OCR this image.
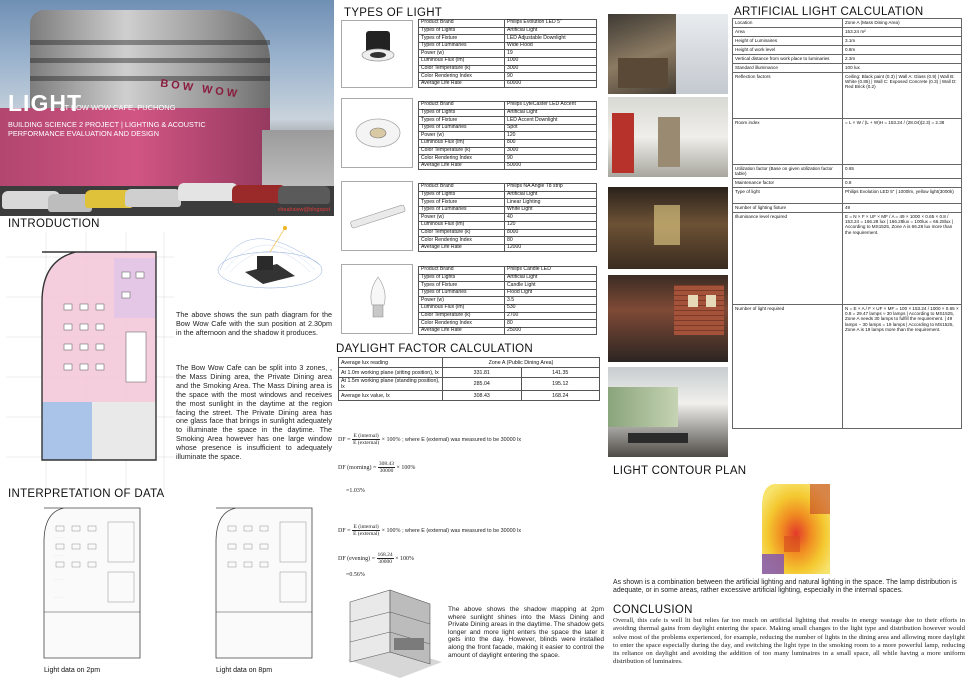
BOW WOW
LIGHT
AT BOW WOW CAFE, PUCHONG
BUILDING SCIENCE 2 PROJECT | LIGHTING & ACOUSTIC
PERFORMANCE EVALUATION AND DESIGN
cheahsiew@blogspot
INTRODUCTION
The above shows the sun path diagram for the Bow Wow Cafe with the sun position at 2.30pm in the afternoon and the shadow it produces.
The Bow Wow Cafe can be split into 3 zones, , the Mass Dining area, the Private Dining area and the Smoking Area. The Mass Dining area is the space with the most windows and receives the most sunlight in the daytime at the region facing the street. The Private Dining area has one glass face that brings in sunlight adequately to illuminate the space in the daytime. The Smoking Area however has one large window whose presence is insufficient to adequately illuminate the space.
INTERPRETATION OF DATA
··· ··· ···
··· ··· ···
··· ··· ···
··· ··· ···
Light data on 2pm	Light data on 8pm
TYPES OF LIGHT
Product Brand	Philips Evolution LED 5"
Types of Lights	Artificial Light
Types of Fixture	LED Adjustable Downlight
Types of Luminaries	Wide Flood
Power (w)	19
Luminous Flux (lm)	1000
Color Temperature (k)	3000
Color Rendering Index	90
Average Life Rate	60000
Product Brand	Philips LyteCaster LED Accent
Types of Lights	Artificial Light
Types of Fixture	LED Accent Downlight
Types of Luminaries	Spot
Power (w)	120
Luminous Flux (lm)	800
Color Temperature (k)	3000
Color Rendering Index	90
Average Life Rate	50000
Product Brand	Philips NA Angle T8 strip
Types of Lights	Artificial Light
Types of Fixture	Linear Lighting
Types of Luminaries	White Light
Power (w)	40
Luminous Flux (lm)	120
Color Temperature (k)	8000
Color Rendering Index	80
Average Life Rate	12000
Product Brand	Philips Candle LED
Types of Lights	Artificial Light
Types of Fixture	Candle Light
Types of Luminaries	Flood Light
Power (w)	3.5
Luminous Flux (lm)	530
Color Temperature (k)	2700
Color Rendering Index	80
Average Life Rate	25000
DAYLIGHT FACTOR CALCULATION
Average lux reading	Zone A (Public Dining Area)	
At 1.0m working plane (sitting position), lx	331.81	141.35
At 1.5m working plane (standing position), lx	285.04	195.12
Average lux value, lx	308.43	168.24
DF = $\frac{\text{E (internal)}}{\text{E (external)}} \times 100\%$ ; where E (external) was measured to be 30000 lx
DF (morning) = $\frac{308.43}{30000} \times 100\%$
=1.03%
DF = $\frac{\text{E (internal)}}{\text{E (external)}} \times 100\%$ ; where E (external) was measured to be 30000 lx
DF (evening) = $\frac{168.24}{30000} \times 100\%$
=0.56%
The above shows the shadow mapping at 2pm where sunlight shines into the Mass Dining and Private Dining areas in the daytime. The shadow gets longer and more light enters the space the later it gets into the day. However, blinds were installed along the front facade, making it easier to control the amount of daylight entering the space.
ARTIFICIAL LIGHT CALCULATION
Location	Zone A (Mass Dining Area)
Area	153.24 m²
Height of Luminaires	3.1m
Height of work level	0.8m
Vertical distance from work place to luminaries	2.3m
Standard illuminance	100 lux
Reflection factors	Ceiling: Black paint (0.3) | Wall A: Glass (0.9) | Wall B: White (0.85) | Wall C: Exposed Concrete (0.3) | Wall D: Red Brick (0.2)
Room index	= L × W / (L + W)H = 153.24 / (28.04)(2.3) = 2.38
Utilization factor (Base on given utilization factor table)	0.65
Maintenance factor	0.8
Type of light	Philips Evolution LED 5" | 1000lm, yellow light(3000k)
Number of lighting fixture	49
Illuminance level required	E = N × F × UF × MF / A = 49 × 1000 × 0.65 × 0.8 / 153.24 = 166.28 lux | 166.28lux = 100lux = 66.28lux | According to MS1525, Zone A is 66.28 lux more than the requirement.
Number of light required	N = E × A / F × UF × MF = 100 × 153.24 / 1000 × 0.65 × 0.8 = 29.47 lamps ≈ 30 lamps | According to MS1525, Zone A needs 30 lamps to fulfill the requirement. | 49 lamps − 30 lamps = 19 lamps | According to MS1525, Zone A is 19 lamps more than the requirement.
LIGHT CONTOUR PLAN
As shown is a combination between the artificial lighting and natural lighting in the space. The lamp distribution is adequate, or in some areas, rather excessive artificial lighting, especially in the internal spaces.
CONCLUSION
Overall, this cafe is well lit but relies far too much on artificial lighting that results in energy wastage due to their efforts in avoiding thermal gains from daylight entering the space. Making small changes to the light type and distribution however would solve most of the problems experienced, for example, reducing the number of lights in the dining area and allowing more daylight to enter the space especially during the day, and switching the light type in the smoking room to a more powerful lamp, reducing its reliance on daylight and avoiding the addition of too many luminaires in a small space, all while having a more uniform distribution of luminaires.
